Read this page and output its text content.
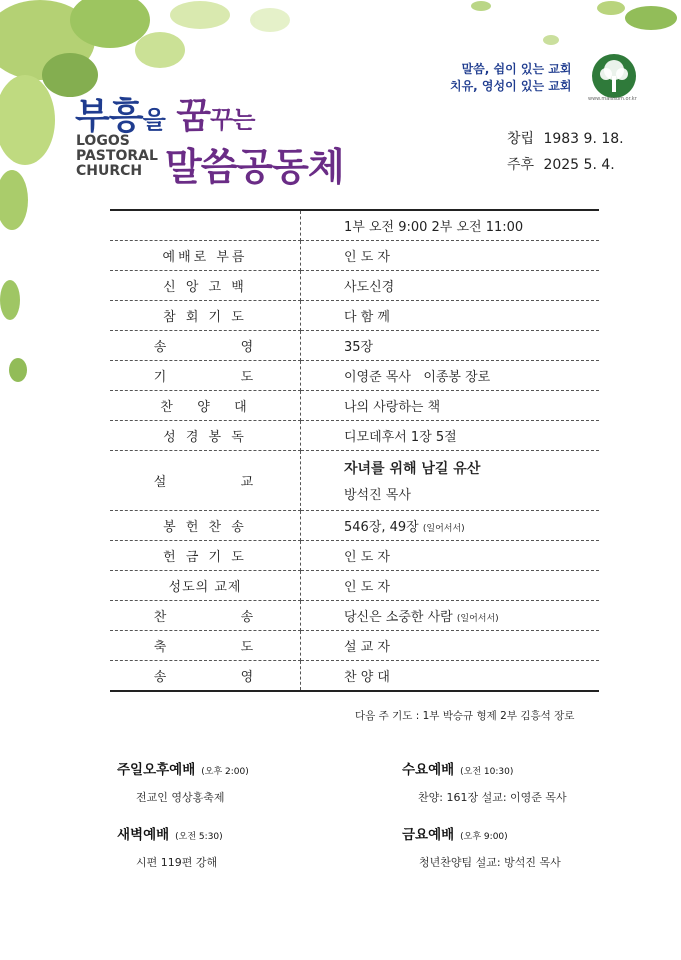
부흥을 꿈꾸는
LOGOS
PASTORAL
CHURCH 말씀공동체
말씀, 쉼이 있는 교회
치유, 영성이 있는 교회
www.malssum.or.kr
창립 1983 9. 18.
주후 2025 5. 4.
	1부 오전 9:00 2부 오전 11:00
예배로 부름	인 도 자
신 앙 고 백	사도신경
참 회 기 도	다 함 께
송          영	35장
기          도	이영준 목사   이종봉 장로
찬   양   대	나의 사랑하는 책
성 경 봉 독	디모데후서 1장 5절
설          교	자녀를 위해 남길 유산
방석진 목사
봉 헌 찬 송	546장, 49장 (일어서서)
헌 금 기 도	인 도 자
성도의 교제	인 도 자
찬          송	당신은 소중한 사람 (일어서서)
축          도	설 교 자
송          영	찬 양 대
다음 주 기도 : 1부 박승규 형제 2부 김흥석 장로
주일오후예배 (오후 2:00)
전교인 영상홍축제
수요예배 (오전 10:30)
찬양: 161장 설교: 이영준 목사
새벽예배 (오전 5:30)
시편 119편 강해
금요예배 (오후 9:00)
청년찬양팀 설교: 방석진 목사
